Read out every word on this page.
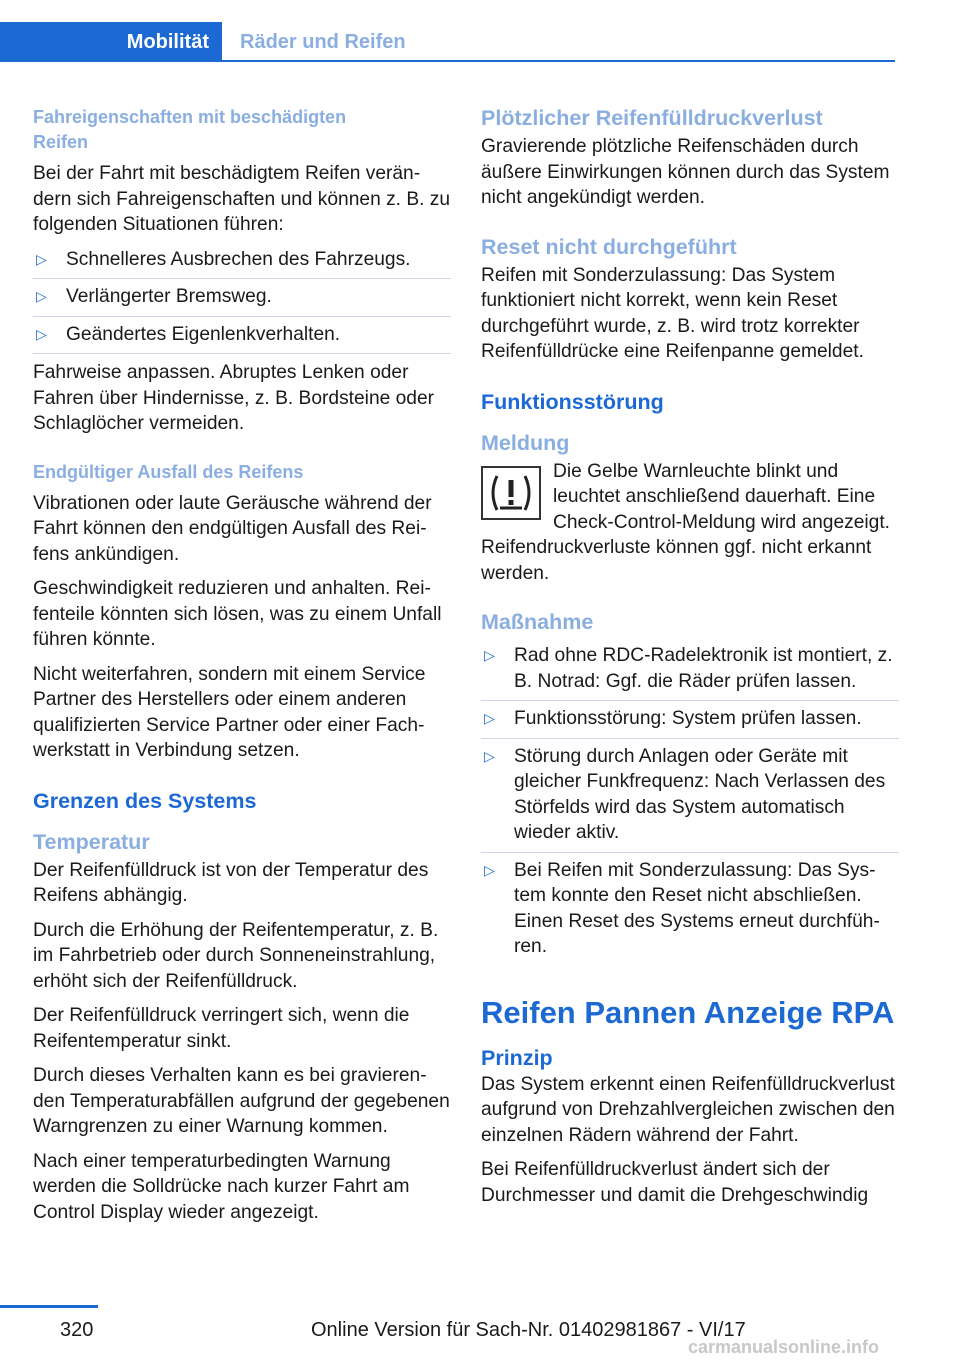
Mobilität Räder und Reifen
Fahreigenschaften mit beschädigten Reifen

Bei der Fahrt mit beschädigtem Reifen verändern sich Fahreigenschaften und können z. B. zu folgenden Situationen führen:

▷ Schnelleres Ausbrechen des Fahrzeugs.
▷ Verlängerter Bremsweg.
▷ Geändertes Eigenlenkverhalten.

Fahrweise anpassen. Abruptes Lenken oder Fahren über Hindernisse, z. B. Bordsteine oder Schlaglöcher vermeiden.

Endgültiger Ausfall des Reifens

Vibrationen oder laute Geräusche während der Fahrt können den endgültigen Ausfall des Reifens ankündigen.

Geschwindigkeit reduzieren und anhalten. Reifenteile könnten sich lösen, was zu einem Unfall führen könnte.

Nicht weiterfahren, sondern mit einem Service Partner des Herstellers oder einem anderen qualifizierten Service Partner oder einer Fachwerkstatt in Verbindung setzen.

Grenzen des Systems
Temperatur

Der Reifenfülldruck ist von der Temperatur des Reifens abhängig.

Durch die Erhöhung der Reifentemperatur, z. B. im Fahrbetrieb oder durch Sonneneinstrahlung, erhöht sich der Reifenfülldruck.

Der Reifenfülldruck verringert sich, wenn die Reifentemperatur sinkt.

Durch dieses Verhalten kann es bei gravierenden Temperaturabfällen aufgrund der gegebenen Warngrenzen zu einer Warnung kommen.

Nach einer temperaturbedingten Warnung werden die Solldrücke nach kurzer Fahrt am Control Display wieder angezeigt.

Plötzlicher Reifenfülldruckverlust

Gravierende plötzliche Reifenschäden durch äußere Einwirkungen können durch das System nicht angekündigt werden.

Reset nicht durchgeführt

Reifen mit Sonderzulassung: Das System funktioniert nicht korrekt, wenn kein Reset durchgeführt wurde, z. B. wird trotz korrekter Reifenfülldrücke eine Reifenpanne gemeldet.

Funktionsstörung
Meldung

Die Gelbe Warnleuchte blinkt und leuchtet anschließend dauerhaft. Eine Check-Control-Meldung wird angezeigt. Reifendruckverluste können ggf. nicht erkannt werden.

Maßnahme
▷ Rad ohne RDC-Radelektronik ist montiert, z. B. Notrad: Ggf. die Räder prüfen lassen.
▷ Funktionsstörung: System prüfen lassen.
▷ Störung durch Anlagen oder Geräte mit gleicher Funkfrequenz: Nach Verlassen des Störfelds wird das System automatisch wieder aktiv.
▷ Bei Reifen mit Sonderzulassung: Das System konnte den Reset nicht abschließen. Einen Reset des Systems erneut durchführen.
Reifen Pannen Anzeige RPA
Prinzip

Das System erkennt einen Reifenfülldruckverlust aufgrund von Drehzahlvergleichen zwischen den einzelnen Rädern während der Fahrt.

Bei Reifenfülldruckverlust ändert sich der Durchmesser und damit die Drehgeschwindig

320	Online Version für Sach-Nr. 01402981867 - VI/17
carmanualsonline.info
